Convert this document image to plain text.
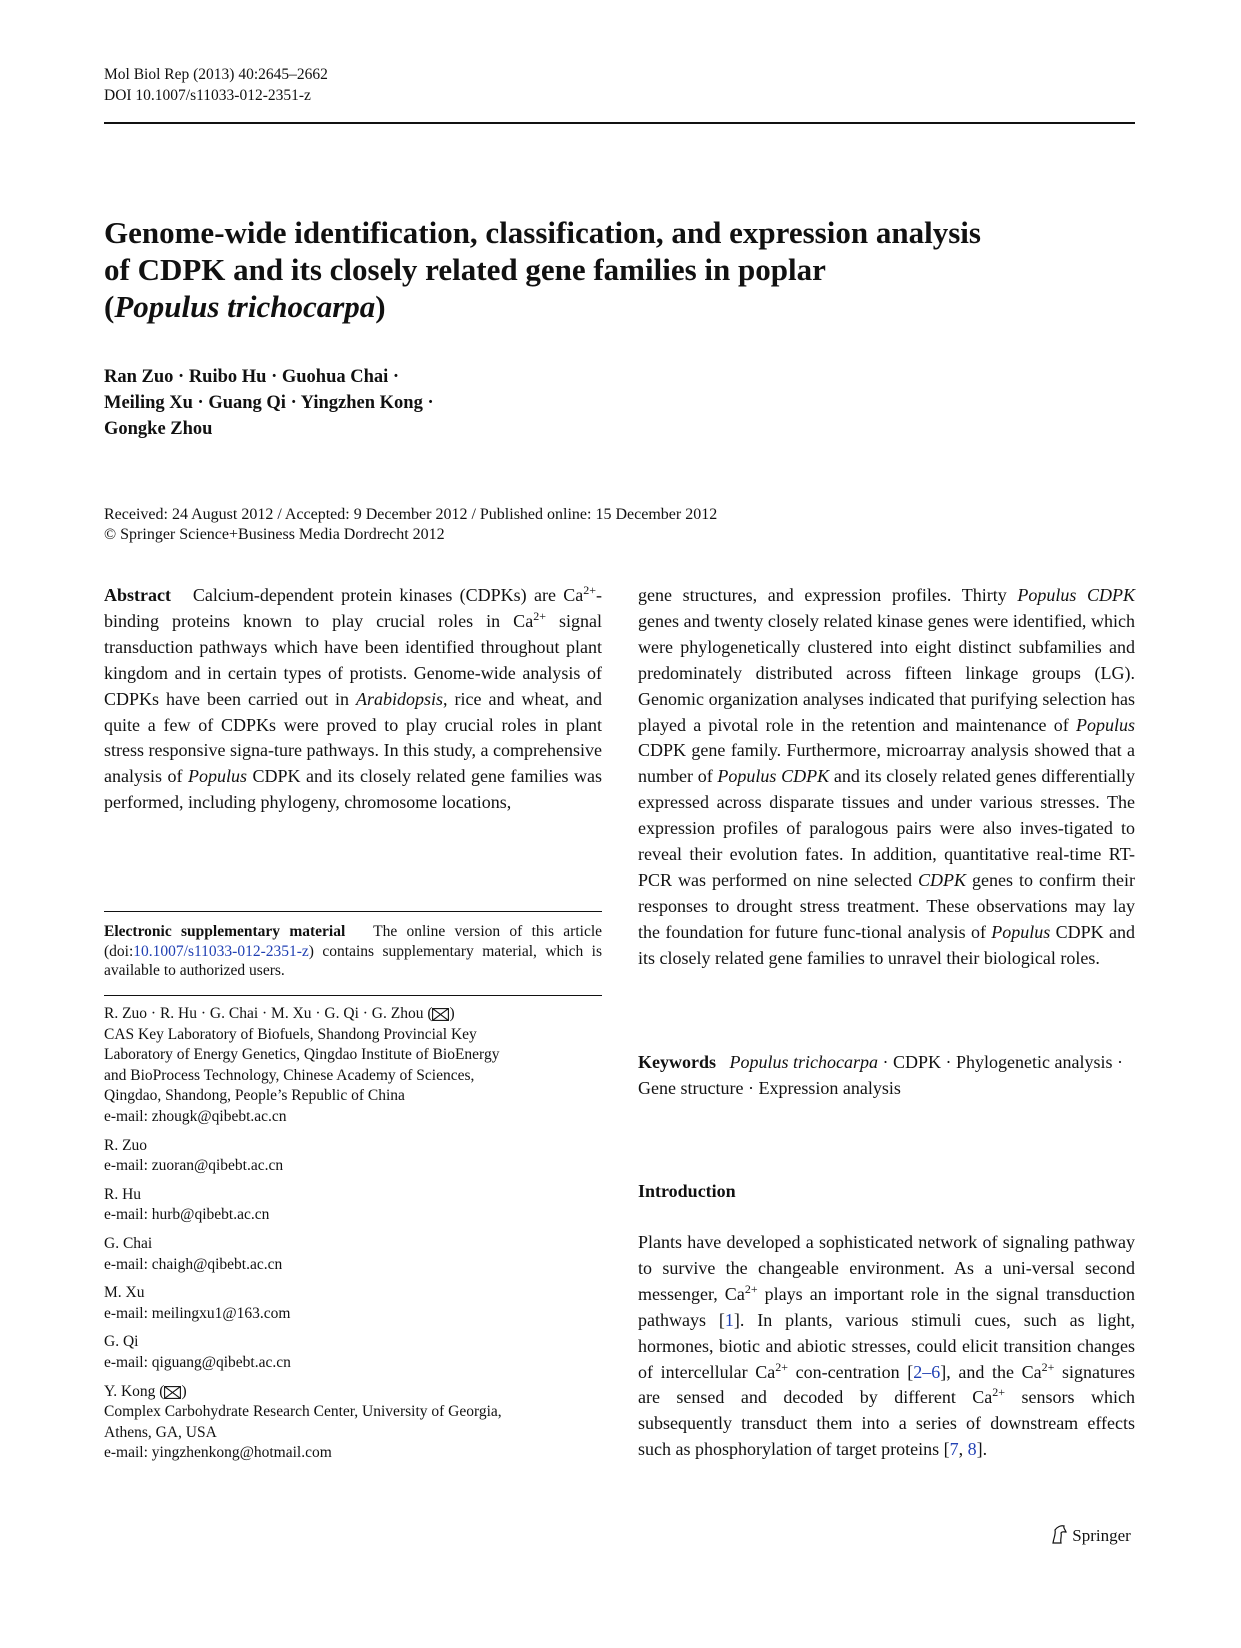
Mol Biol Rep (2013) 40:2645–2662
DOI 10.1007/s11033-012-2351-z
Genome-wide identification, classification, and expression analysis
of CDPK and its closely related gene families in poplar
(Populus trichocarpa)
Ran Zuo · Ruibo Hu · Guohua Chai ·
Meiling Xu · Guang Qi · Yingzhen Kong ·
Gongke Zhou
Received: 24 August 2012 / Accepted: 9 December 2012 / Published online: 15 December 2012
© Springer Science+Business Media Dordrecht 2012
Abstract Calcium-dependent protein kinases (CDPKs) are $Ca^{2+}$-binding proteins known to play crucial roles in $Ca^{2+}$ signal transduction pathways which have been identified throughout plant kingdom and in certain types of protists. Genome-wide analysis of CDPKs have been carried out in Arabidopsis, rice and wheat, and quite a few of CDPKs were proved to play crucial roles in plant stress responsive signa-ture pathways. In this study, a comprehensive analysis of Populus CDPK and its closely related gene families was performed, including phylogeny, chromosome locations,
gene structures, and expression profiles. Thirty Populus CDPK genes and twenty closely related kinase genes were identified, which were phylogenetically clustered into eight distinct subfamilies and predominately distributed across fifteen linkage groups (LG). Genomic organization analyses indicated that purifying selection has played a pivotal role in the retention and maintenance of Populus CDPK gene family. Furthermore, microarray analysis showed that a number of Populus CDPK and its closely related genes differentially expressed across disparate tissues and under various stresses. The expression profiles of paralogous pairs were also inves-tigated to reveal their evolution fates. In addition, quantitative real-time RT-PCR was performed on nine selected CDPK genes to confirm their responses to drought stress treatment. These observations may lay the foundation for future func-tional analysis of Populus CDPK and its closely related gene families to unravel their biological roles.
Electronic supplementary material The online version of this article (doi:10.1007/s11033-012-2351-z) contains supplementary material, which is available to authorized users.
R. Zuo · R. Hu · G. Chai · M. Xu · G. Qi · G. Zhou ( )
CAS Key Laboratory of Biofuels, Shandong Provincial Key
Laboratory of Energy Genetics, Qingdao Institute of BioEnergy
and BioProcess Technology, Chinese Academy of Sciences,
Qingdao, Shandong, People’s Republic of China
e-mail: zhougk@qibebt.ac.cn
R. Zuo
e-mail: zuoran@qibebt.ac.cn
R. Hu
e-mail: hurb@qibebt.ac.cn
G. Chai
e-mail: chaigh@qibebt.ac.cn
M. Xu
e-mail: meilingxu1@163.com
G. Qi
e-mail: qiguang@qibebt.ac.cn
Y. Kong ( )
Complex Carbohydrate Research Center, University of Georgia,
Athens, GA, USA
e-mail: yingzhenkong@hotmail.com
Keywords Populus trichocarpa · CDPK · Phylogenetic analysis · Gene structure · Expression analysis
Introduction
Plants have developed a sophisticated network of signaling pathway to survive the changeable environment. As a uni-versal second messenger, $Ca^{2+}$ plays an important role in the signal transduction pathways [1]. In plants, various stimuli cues, such as light, hormones, biotic and abiotic stresses, could elicit transition changes of intercellular $Ca^{2+}$ con-centration [2–6], and the $Ca^{2+}$ signatures are sensed and decoded by different $Ca^{2+}$ sensors which subsequently transduct them into a series of downstream effects such as phosphorylation of target proteins [7, 8].
Springer
